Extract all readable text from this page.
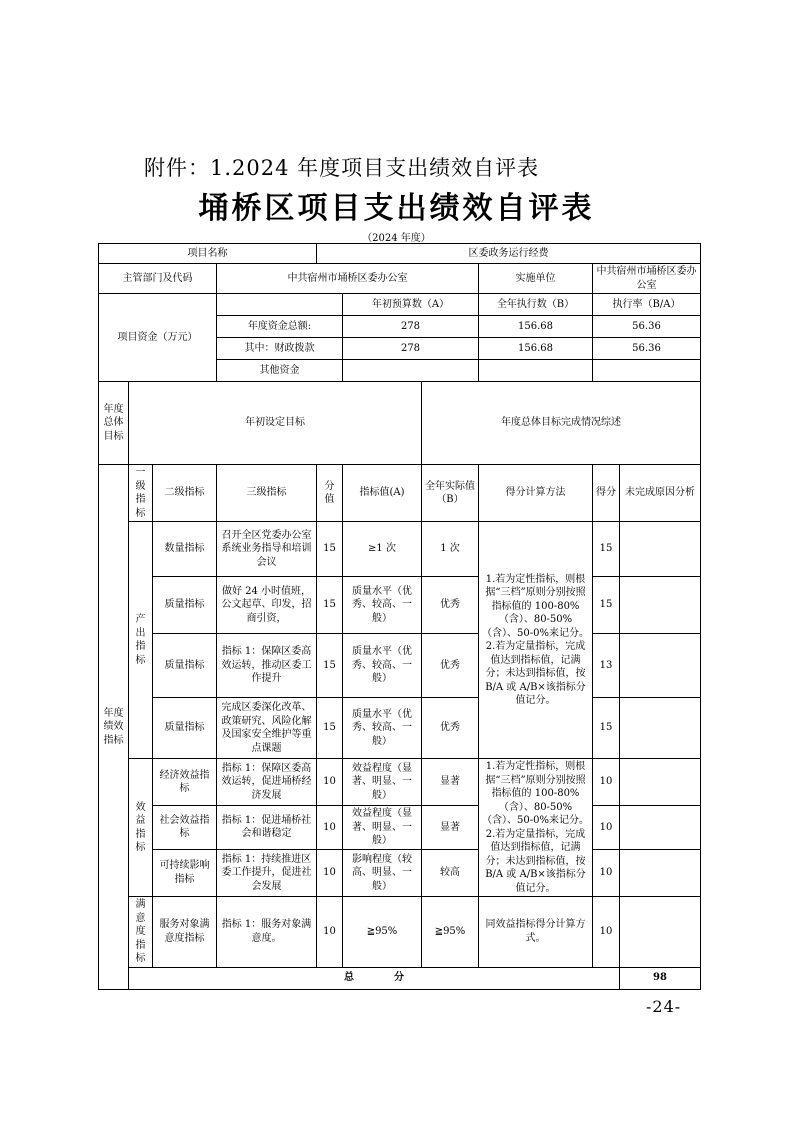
附件：1.2024 年度项目支出绩效自评表
埇桥区项目支出绩效自评表
（2024 年度）
项目名称				区委政务运行经费						
主管部门及代码			中共宿州市埇桥区委办公室				实施单位	中共宿州市埇桥区委办公室		
项目资金（万元）					年初预算数（A）		全年执行数（B）	执行率（B/A）		
			年度资金总额:		278		156.68	56.36		
			其中：财政拨款		278		156.68	56.36		
			其他资金							
年度总体目标	年初设定目标					年度总体目标完成情况综述				
年度绩效指标	一级指标	二级指标	三级指标	分值	指标值(A)	全年实际值（B）	得分计算方法	得分	未完成原因分析	
	产出指标	数量指标	召开全区党委办公室系统业务指导和培训会议	15	≥1 次	1 次	1.若为定性指标，则根据“三档”原则分别按照指标值的 100-80%（含）、80-50%（含）、50-0%来记分。2.若为定量指标，完成值达到指标值，记满分；未达到指标值，按 B/A 或 A/B×该指标分值记分。	15		
		质量指标	做好 24 小时值班，公文起草、印发，招商引资，	15	质量水平（优秀、较高、一般）	优秀		15		
		质量指标	指标 1：保障区委高效运转，推动区委工作提升	15	质量水平（优秀、较高、一般）	优秀		13		
		质量指标	完成区委深化改革、政策研究、风险化解及国家安全维护等重点课题	15	质量水平（优秀、较高、一般）	优秀		15		
	效益指标	经济效益指标	指标 1：保障区委高效运转，促进埇桥经济发展	10	效益程度（显著、明显、一般）	显著	1.若为定性指标，则根据“三档”原则分别按照指标值的 100-80%（含）、80-50%（含）、50-0%来记分。2.若为定量指标，完成值达到指标值，记满分；未达到指标值，按 B/A 或 A/B×该指标分值记分。	10		
		社会效益指标	指标 1：促进埇桥社会和谐稳定	10	效益程度（显著、明显、一般）	显著		10		
		可持续影响指标	指标 1：持续推进区委工作提升，促进社会发展	10	影响程度（较高、明显、一般）	较高		10		
	满意度指标	服务对象满意度指标	指标 1：服务对象满意度。	10	≧95%	≧95%	同效益指标得分计算方式。	10		
	总　　　　分								98	
-24-
